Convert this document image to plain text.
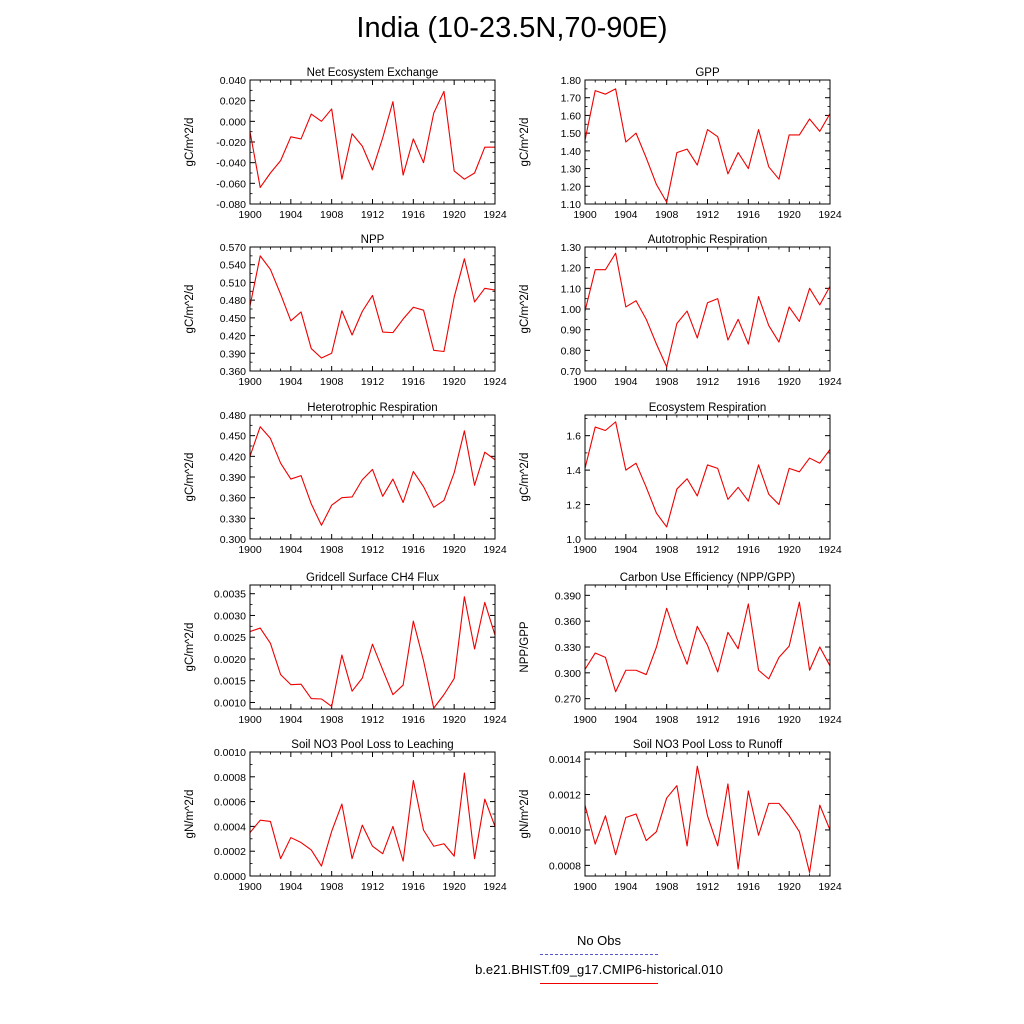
India (10-23.5N,70-90E)
Net Ecosystem Exchange
gC/m^2/d
1900 1904 1908 1912 1916 1920 1924
-0.080
-0.060
-0.040
-0.020
0.000
0.020
0.040
GPP
gC/m^2/d
1900 1904 1908 1912 1916 1920 1924
1.10
1.20
1.30
1.40
1.50
1.60
1.70
1.80
NPP
gC/m^2/d
1900 1904 1908 1912 1916 1920 1924
0.360
0.390
0.420
0.450
0.480
0.510
0.540
0.570
Autotrophic Respiration
gC/m^2/d
1900 1904 1908 1912 1916 1920 1924
0.70
0.80
0.90
1.00
1.10
1.20
1.30
Heterotrophic Respiration
gC/m^2/d
1900 1904 1908 1912 1916 1920 1924
0.300
0.330
0.360
0.390
0.420
0.450
0.480
Ecosystem Respiration
gC/m^2/d
1900 1904 1908 1912 1916 1920 1924
1.0
1.2
1.4
1.6
Gridcell Surface CH4 Flux
gC/m^2/d
1900 1904 1908 1912 1916 1920 1924
0.0010
0.0015
0.0020
0.0025
0.0030
0.0035
Carbon Use Efficiency (NPP/GPP)
NPP/GPP
1900 1904 1908 1912 1916 1920 1924
0.270
0.300
0.330
0.360
0.390
Soil NO3 Pool Loss to Leaching
gN/m^2/d
1900 1904 1908 1912 1916 1920 1924
0.0000
0.0002
0.0004
0.0006
0.0008
0.0010
Soil NO3 Pool Loss to Runoff
gN/m^2/d
1900 1904 1908 1912 1916 1920 1924
0.0008
0.0010
0.0012
0.0014
No Obs
b.e21.BHIST.f09_g17.CMIP6-historical.010
